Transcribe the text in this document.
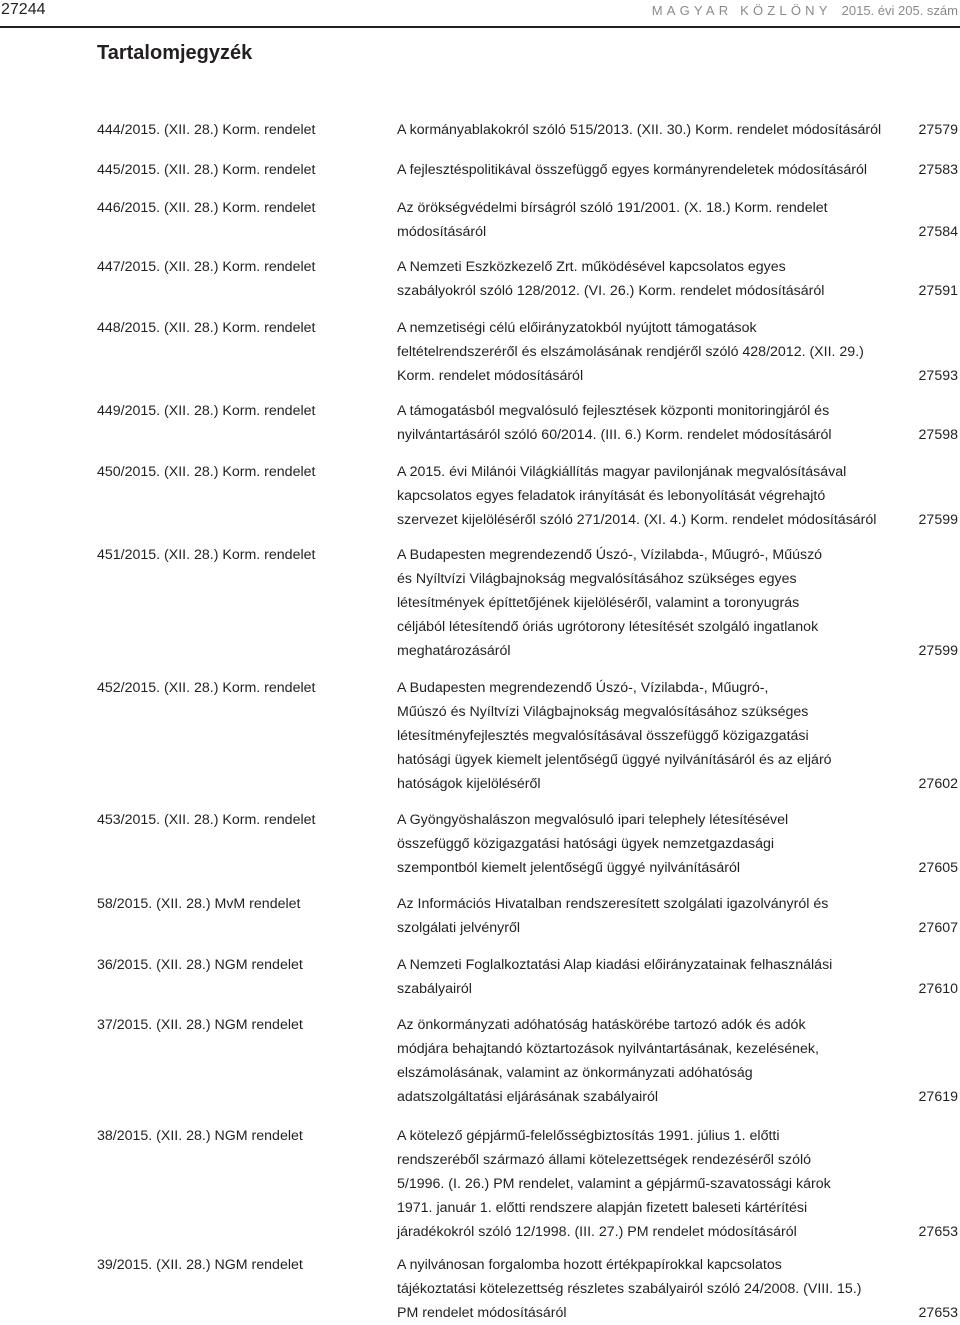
27244	MAGYAR KÖZLÖNY 2015. évi 205. szám
Tartalomjegyzék
444/2015. (XII. 28.) Korm. rendelet	A kormányablakokról szóló 515/2013. (XII. 30.) Korm. rendelet módosításáról	27579
445/2015. (XII. 28.) Korm. rendelet	A fejlesztéspolitikával összefüggő egyes kormányrendeletek módosításáról	27583
446/2015. (XII. 28.) Korm. rendelet	Az örökségvédelmi bírságról szóló 191/2001. (X. 18.) Korm. rendelet
módosításáról	27584
447/2015. (XII. 28.) Korm. rendelet	A Nemzeti Eszközkezelő Zrt. működésével kapcsolatos egyes
szabályokról szóló 128/2012. (VI. 26.) Korm. rendelet módosításáról	27591
448/2015. (XII. 28.) Korm. rendelet	A nemzetiségi célú előirányzatokból nyújtott támogatások
feltételrendszeréről és elszámolásának rendjéről szóló 428/2012. (XII. 29.)
Korm. rendelet módosításáról	27593
449/2015. (XII. 28.) Korm. rendelet	A támogatásból megvalósuló fejlesztések központi monitoringjáról és
nyilvántartásáról szóló 60/2014. (III. 6.) Korm. rendelet módosításáról	27598
450/2015. (XII. 28.) Korm. rendelet	A 2015. évi Milánói Világkiállítás magyar pavilonjának megvalósításával
kapcsolatos egyes feladatok irányítását és lebonyolítását végrehajtó
szervezet kijelöléséről szóló 271/2014. (XI. 4.) Korm. rendelet módosításáról	27599
451/2015. (XII. 28.) Korm. rendelet	A Budapesten megrendezendő Úszó-, Vízilabda-, Műugró-, Műúszó
és Nyíltvízi Világbajnokság megvalósításához szükséges egyes
létesítmények építtetőjének kijelöléséről, valamint a toronyugrás
céljából létesítendő óriás ugrótorony létesítését szolgáló ingatlanok
meghatározásáról	27599
452/2015. (XII. 28.) Korm. rendelet	A Budapesten megrendezendő Úszó-, Vízilabda-, Műugró-,
Műúszó és Nyíltvízi Világbajnokság megvalósításához szükséges
létesítményfejlesztés megvalósításával összefüggő közigazgatási
hatósági ügyek kiemelt jelentőségű üggyé nyilvánításáról és az eljáró
hatóságok kijelöléséről	27602
453/2015. (XII. 28.) Korm. rendelet	A Gyöngyöshalászon megvalósuló ipari telephely létesítésével
összefüggő közigazgatási hatósági ügyek nemzetgazdasági
szempontból kiemelt jelentőségű üggyé nyilvánításáról	27605
58/2015. (XII. 28.) MvM rendelet	Az Információs Hivatalban rendszeresített szolgálati igazolványról és
szolgálati jelvényről	27607
36/2015. (XII. 28.) NGM rendelet	A Nemzeti Foglalkoztatási Alap kiadási előirányzatainak felhasználási
szabályairól	27610
37/2015. (XII. 28.) NGM rendelet	Az önkormányzati adóhatóság hatáskörébe tartozó adók és adók
módjára behajtandó köztartozások nyilvántartásának, kezelésének,
elszámolásának, valamint az önkormányzati adóhatóság
adatszolgáltatási eljárásának szabályairól	27619
38/2015. (XII. 28.) NGM rendelet	A kötelező gépjármű-felelősségbiztosítás 1991. július 1. előtti
rendszeréből származó állami kötelezettségek rendezéséről szóló
5/1996. (I. 26.) PM rendelet, valamint a gépjármű-szavatossági károk
1971. január 1. előtti rendszere alapján fizetett baleseti kártérítési
járadékokról szóló 12/1998. (III. 27.) PM rendelet módosításáról	27653
39/2015. (XII. 28.) NGM rendelet	A nyilvánosan forgalomba hozott értékpapírokkal kapcsolatos
tájékoztatási kötelezettség részletes szabályairól szóló 24/2008. (VIII. 15.)
PM rendelet módosításáról	27653
